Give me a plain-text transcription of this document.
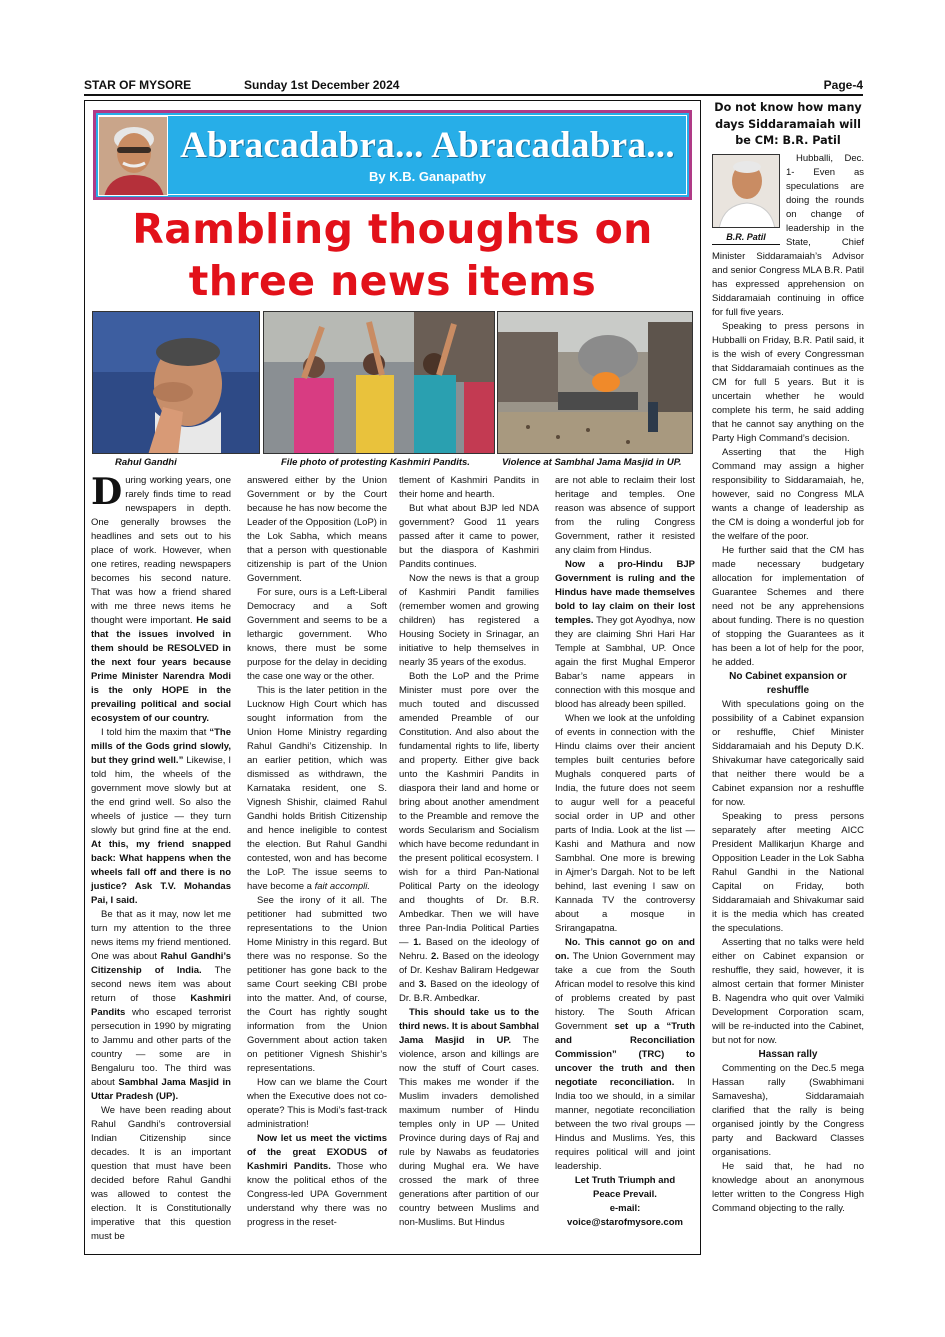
STAR OF MYSORE	Sunday 1st December 2024	Page-4
Abracadabra... Abracadabra...
By K.B. Ganapathy
Rambling thoughts on three news items
Rahul Gandhi	File photo of protesting Kashmiri Pandits.	Violence at Sambhal Jama Masjid in UP.

During working years, one rarely finds time to read newspapers in depth. One generally browses the headlines and sets out to his place of work. However, when one retires, reading newspapers becomes his second nature. That was how a friend shared with me three news items he thought were important. He said that the issues involved in them should be RESOLVED in the next four years because Prime Minister Narendra Modi is the only HOPE in the prevailing political and social ecosystem of our country.

I told him the maxim that “The mills of the Gods grind slowly, but they grind well.” Likewise, I told him, the wheels of the government move slowly but at the end grind well. So also the wheels of justice — they turn slowly but grind fine at the end. At this, my friend snapped back: What happens when the wheels fall off and there is no justice? Ask T.V. Mohandas Pai, I said.

Be that as it may, now let me turn my attention to the three news items my friend mentioned. One was about Rahul Gandhi’s Citizenship of India. The second news item was about return of those Kashmiri Pandits who escaped terrorist persecution in 1990 by migrating to Jammu and other parts of the country — some are in Bengaluru too. The third was about Sambhal Jama Masjid in Uttar Pradesh (UP).

We have been reading about Rahul Gandhi’s controversial Indian Citizenship since decades. It is an important question that must have been decided before Rahul Gandhi was allowed to contest the election. It is Constitutionally imperative that this question must be

answered either by the Union Government or by the Court because he has now become the Leader of the Opposition (LoP) in the Lok Sabha, which means that a person with questionable citizenship is part of the Union Government.

For sure, ours is a Left-Liberal Democracy and a Soft Government and seems to be a lethargic government. Who knows, there must be some purpose for the delay in deciding the case one way or the other.

This is the later petition in the Lucknow High Court which has sought information from the Union Home Ministry regarding Rahul Gandhi’s Citizenship. In an earlier petition, which was dismissed as withdrawn, the Karnataka resident, one S. Vignesh Shishir, claimed Rahul Gandhi holds British Citizenship and hence ineligible to contest the election. But Rahul Gandhi contested, won and has become the LoP. The issue seems to have become a fait accompli.

See the irony of it all. The petitioner had submitted two representations to the Union Home Ministry in this regard. But there was no response. So the petitioner has gone back to the same Court seeking CBI probe into the matter. And, of course, the Court has rightly sought information from the Union Government about action taken on petitioner Vignesh Shishir’s representations.

How can we blame the Court when the Executive does not co-operate? This is Modi’s fast-track administration!

Now let us meet the victims of the great EXODUS of Kashmiri Pandits. Those who know the political ethos of the Congress-led UPA Government understand why there was no progress in the reset-

tlement of Kashmiri Pandits in their home and hearth.

But what about BJP led NDA government? Good 11 years passed after it came to power, but the diaspora of Kashmiri Pandits continues.

Now the news is that a group of Kashmiri Pandit families (remember women and growing children) has registered a Housing Society in Srinagar, an initiative to help themselves in nearly 35 years of the exodus.

Both the LoP and the Prime Minister must pore over the much touted and discussed amended Preamble of our Constitution. And also about the fundamental rights to life, liberty and property. Either give back unto the Kashmiri Pandits in diaspora their land and home or bring about another amendment to the Preamble and remove the words Secularism and Socialism which have become redundant in the present political ecosystem. I wish for a third Pan-National Political Party on the ideology and thoughts of Dr. B.R. Ambedkar. Then we will have three Pan-India Political Parties — 1. Based on the ideology of Nehru. 2. Based on the ideology of Dr. Keshav Baliram Hedgewar and 3. Based on the ideology of Dr. B.R. Ambedkar.

This should take us to the third news. It is about Sambhal Jama Masjid in UP. The violence, arson and killings are now the stuff of Court cases. This makes me wonder if the Muslim invaders demolished maximum number of Hindu temples only in UP — United Province during days of Raj and rule by Nawabs as feudatories during Mughal era. We have crossed the mark of three generations after partition of our country between Muslims and non-Muslims. But Hindus

are not able to reclaim their lost heritage and temples. One reason was absence of support from the ruling Congress Government, rather it resisted any claim from Hindus.

Now a pro-Hindu BJP Government is ruling and the Hindus have made themselves bold to lay claim on their lost temples. They got Ayodhya, now they are claiming Shri Hari Har Temple at Sambhal, UP. Once again the first Mughal Emperor Babar’s name appears in connection with this mosque and blood has already been spilled.

When we look at the unfolding of events in connection with the Hindu claims over their ancient temples built centuries before Mughals conquered parts of India, the future does not seem to augur well for a peaceful social order in UP and other parts of India. Look at the list — Kashi and Mathura and now Sambhal. One more is brewing in Ajmer’s Dargah. Not to be left behind, last evening I saw on Kannada TV the controversy about a mosque in Srirangapatna.

No. This cannot go on and on. The Union Government may take a cue from the South African model to resolve this kind of problems created by past history. The South African Government set up a “Truth and Reconciliation Commission” (TRC) to uncover the truth and then negotiate reconciliation. In India too we should, in a similar manner, negotiate reconciliation between the two rival groups — Hindus and Muslims. Yes, this requires political will and joint leadership.

Let Truth Triumph and
Peace Prevail.
e-mail:
voice@starofmysore.com
Do not know how many days Siddaramaiah will be CM: B.R. Patil
B.R. Patil

Hubballi, Dec. 1- Even as speculations are doing the rounds on change of leadership in the State, Chief Minister Siddaramaiah’s Advisor and senior Congress MLA B.R. Patil has expressed apprehension on Siddaramaiah continuing in office for full five years.

Speaking to press persons in Hubballi on Friday, B.R. Patil said, it is the wish of every Congressman that Siddaramaiah continues as the CM for full 5 years. But it is uncertain whether he would complete his term, he said adding that he cannot say anything on the Party High Command’s decision.

Asserting that the High Command may assign a higher responsibility to Siddaramaiah, he, however, said no Congress MLA wants a change of leadership as the CM is doing a wonderful job for the welfare of the poor.

He further said that the CM has made necessary budgetary allocation for implementation of Guarantee Schemes and there need not be any apprehensions about funding. There is no question of stopping the Guarantees as it has been a lot of help for the poor, he added.

No Cabinet expansion or reshuffle

With speculations going on the possibility of a Cabinet expansion or reshuffle, Chief Minister Siddaramaiah and his Deputy D.K. Shivakumar have categorically said that neither there would be a Cabinet expansion nor a reshuffle for now.

Speaking to press persons separately after meeting AICC President Mallikarjun Kharge and Opposition Leader in the Lok Sabha Rahul Gandhi in the National Capital on Friday, both Siddaramaiah and Shivakumar said it is the media which has created the speculations.

Asserting that no talks were held either on Cabinet expansion or reshuffle, they said, however, it is almost certain that former Minister B. Nagendra who quit over Valmiki Development Corporation scam, will be re-inducted into the Cabinet, but not for now.

Hassan rally

Commenting on the Dec.5 mega Hassan rally (Swabhimani Samavesha), Siddaramaiah clarified that the rally is being organised jointly by the Congress party and Backward Classes organisations.

He said that, he had no knowledge about an anonymous letter written to the Congress High Command objecting to the rally.
